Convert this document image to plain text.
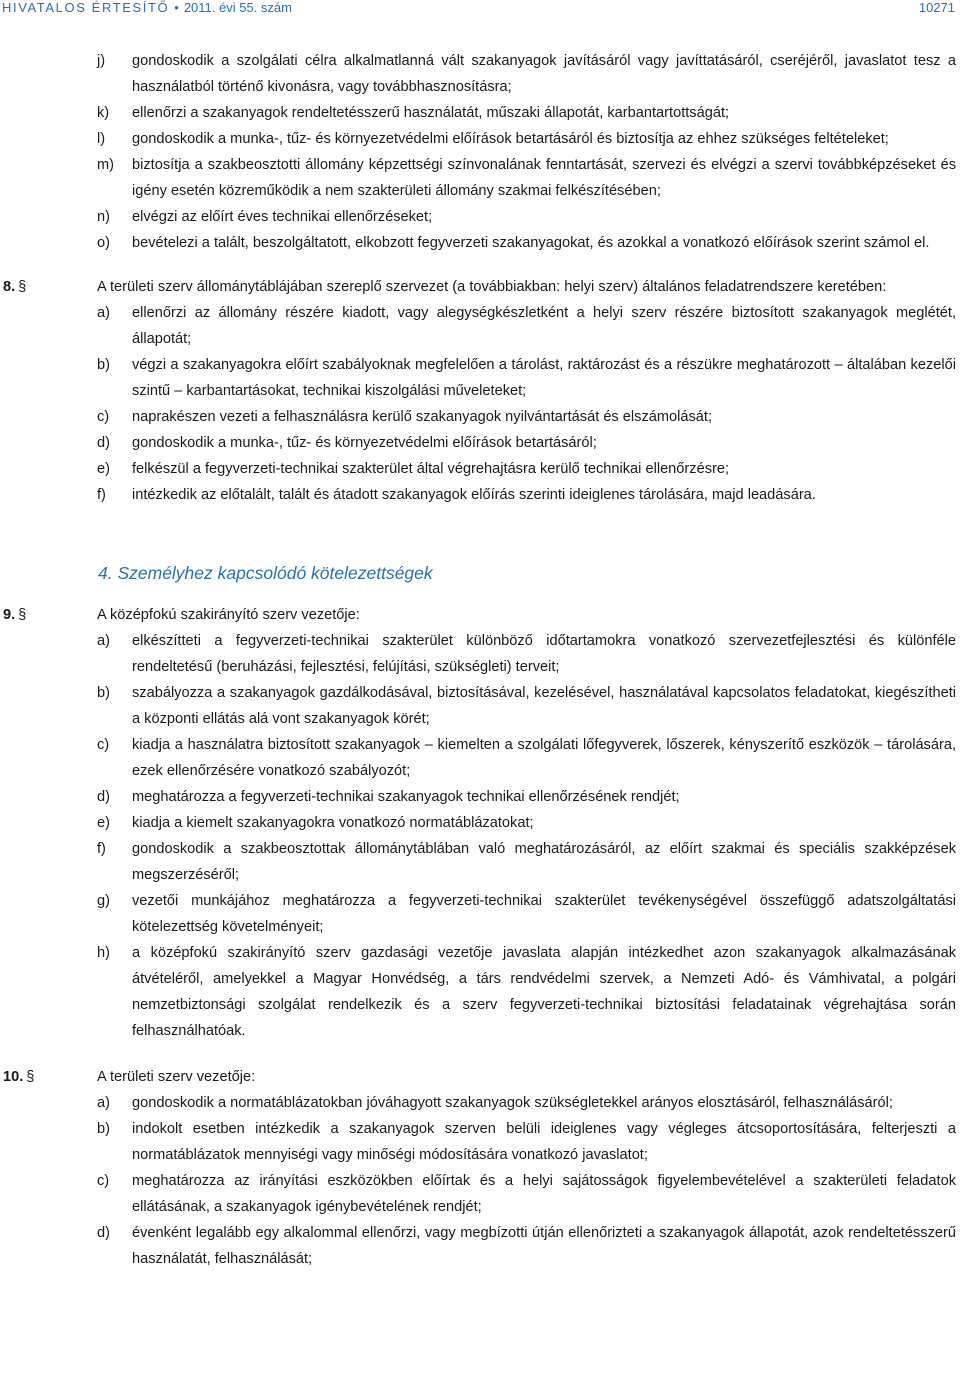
HIVATALOS ÉRTESÍTŐ • 2011. évi 55. szám	10271
j) gondoskodik a szolgálati célra alkalmatlanná vált szakanyagok javításáról vagy javíttatásáról, cseréjéről, javaslatot tesz a használatból történő kivonásra, vagy továbbhasznosításra;
k) ellenőrzi a szakanyagok rendeltetésszerű használatát, műszaki állapotát, karbantartottságát;
l) gondoskodik a munka-, tűz- és környezetvédelmi előírások betartásáról és biztosítja az ehhez szükséges feltételeket;
m) biztosítja a szakbeosztotti állomány képzettségi színvonalának fenntartását, szervezi és elvégzi a szervi továbbképzéseket és igény esetén közreműködik a nem szakterületi állomány szakmai felkészítésében;
n) elvégzi az előírt éves technikai ellenőrzéseket;
o) bevételezi a talált, beszolgáltatott, elkobzott fegyverzeti szakanyagokat, és azokkal a vonatkozó előírások szerint számol el.
8. §	A területi szerv állománytáblájában szereplő szervezet (a továbbiakban: helyi szerv) általános feladatrendszere keretében:
a) ellenőrzi az állomány részére kiadott, vagy alegységkészletként a helyi szerv részére biztosított szakanyagok meglétét, állapotát;
b) végzi a szakanyagokra előírt szabályoknak megfelelően a tárolást, raktározást és a részükre meghatározott – általában kezelői szintű – karbantartásokat, technikai kiszolgálási műveleteket;
c) naprakészen vezeti a felhasználásra kerülő szakanyagok nyilvántartását és elszámolását;
d) gondoskodik a munka-, tűz- és környezetvédelmi előírások betartásáról;
e) felkészül a fegyverzeti-technikai szakterület által végrehajtásra kerülő technikai ellenőrzésre;
f) intézkedik az előtalált, talált és átadott szakanyagok előírás szerinti ideiglenes tárolására, majd leadására.
4. Személyhez kapcsolódó kötelezettségek
9. §	A középfokú szakirányító szerv vezetője:
a) elkészítteti a fegyverzeti-technikai szakterület különböző időtartamokra vonatkozó szervezetfejlesztési és különféle rendeltetésű (beruházási, fejlesztési, felújítási, szükségleti) terveit;
b) szabályozza a szakanyagok gazdálkodásával, biztosításával, kezelésével, használatával kapcsolatos feladatokat, kiegészítheti a központi ellátás alá vont szakanyagok körét;
c) kiadja a használatra biztosított szakanyagok – kiemelten a szolgálati lőfegyverek, lőszerek, kényszerítő eszközök – tárolására, ezek ellenőrzésére vonatkozó szabályozót;
d) meghatározza a fegyverzeti-technikai szakanyagok technikai ellenőrzésének rendjét;
e) kiadja a kiemelt szakanyagokra vonatkozó normatáblázatokat;
f) gondoskodik a szakbeosztottak állománytáblában való meghatározásáról, az előírt szakmai és speciális szakképzések megszerzéséről;
g) vezetői munkájához meghatározza a fegyverzeti-technikai szakterület tevékenységével összefüggő adatszolgáltatási kötelezettség követelményeit;
h) a középfokú szakirányító szerv gazdasági vezetője javaslata alapján intézkedhet azon szakanyagok alkalmazásának átvételéről, amelyekkel a Magyar Honvédség, a társ rendvédelmi szervek, a Nemzeti Adó- és Vámhivatal, a polgári nemzetbiztonsági szolgálat rendelkezik és a szerv fegyverzeti-technikai biztosítási feladatainak végrehajtása során felhasználhatóak.
10. §	A területi szerv vezetője:
a) gondoskodik a normatáblázatokban jóváhagyott szakanyagok szükségletekkel arányos elosztásáról, felhasználásáról;
b) indokolt esetben intézkedik a szakanyagok szerven belüli ideiglenes vagy végleges átcsoportosítására, felterjeszti a normatáblázatok mennyiségi vagy minőségi módosítására vonatkozó javaslatot;
c) meghatározza az irányítási eszközökben előírtak és a helyi sajátosságok figyelembevételével a szakterületi feladatok ellátásának, a szakanyagok igénybevételének rendjét;
d) évenként legalább egy alkalommal ellenőrzi, vagy megbízotti útján ellenőrizteti a szakanyagok állapotát, azok rendeltetésszerű használatát, felhasználását;
